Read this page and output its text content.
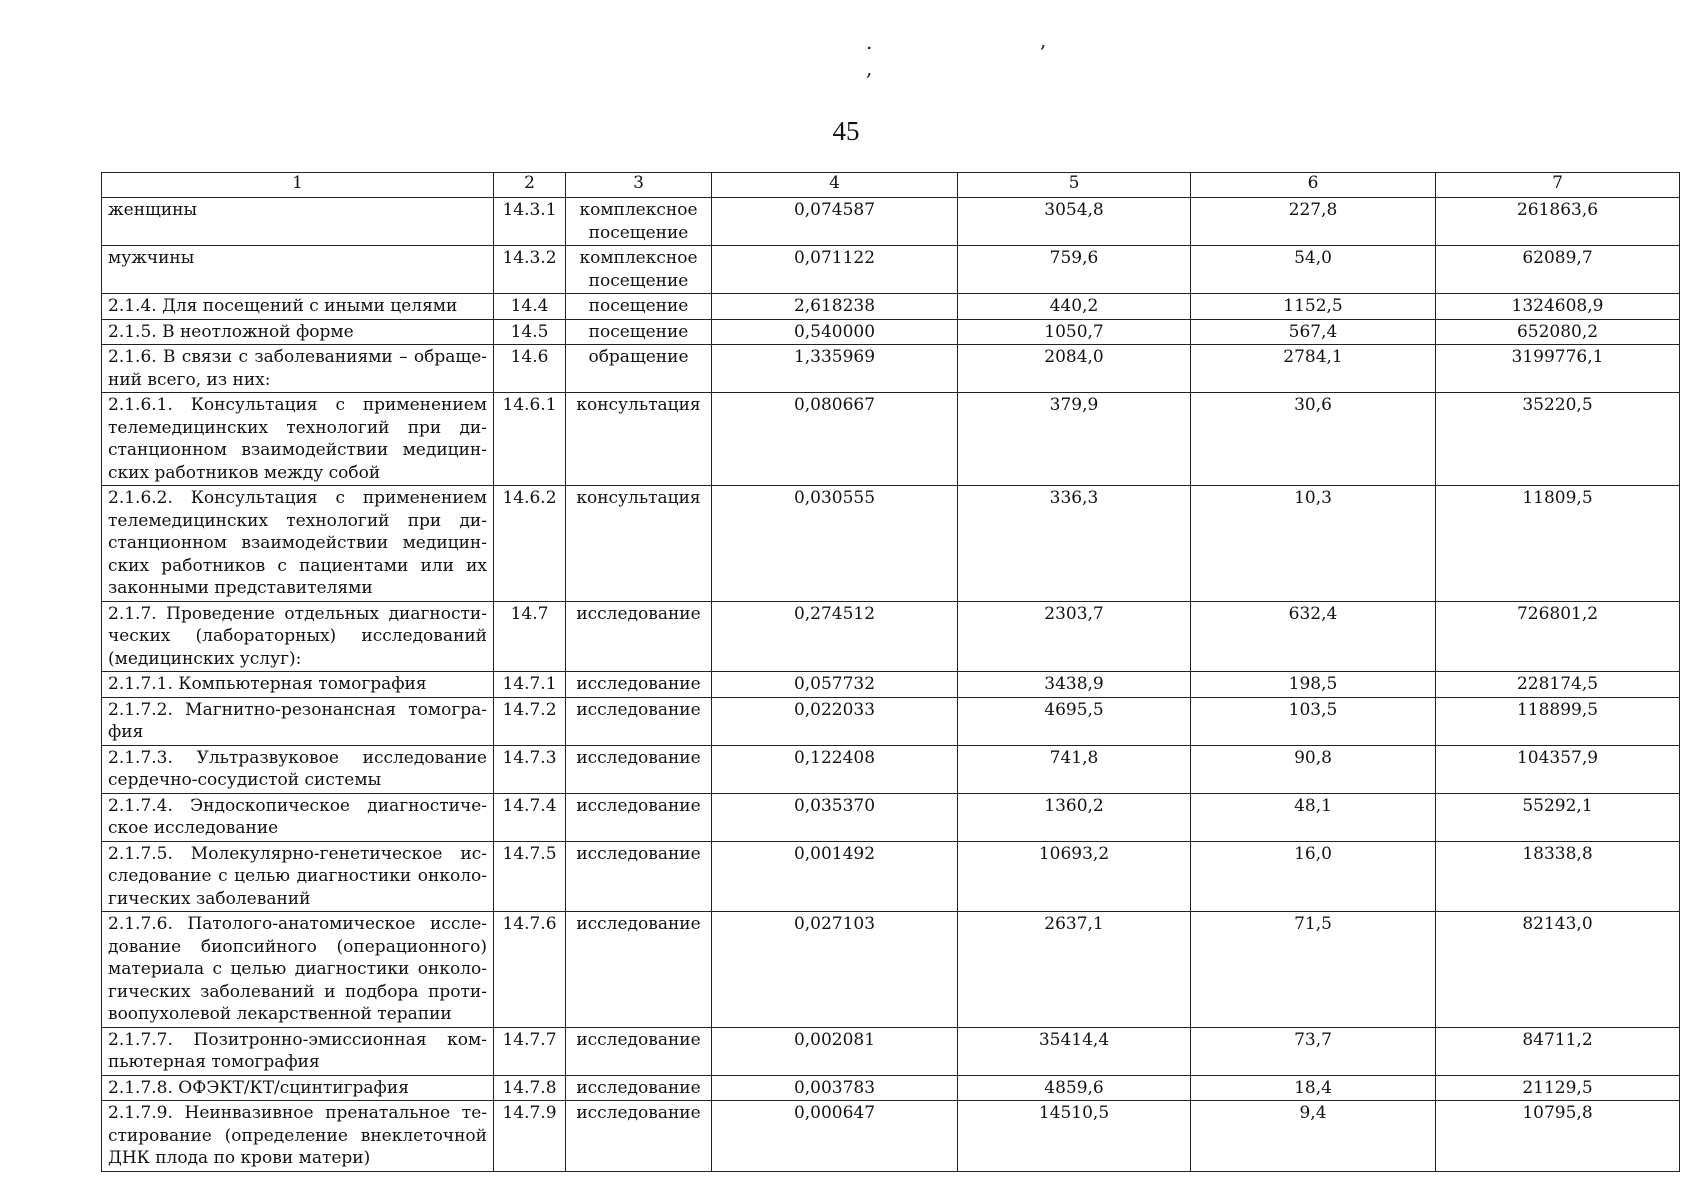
.	,
,
45
1	2	3	4	5	6	7
женщины	14.3.1	комплексное посещение	0,074587	3054,8	227,8	261863,6
мужчины	14.3.2	комплексное посещение	0,071122	759,6	54,0	62089,7
2.1.4. Для посещений с иными целями	14.4	посещение	2,618238	440,2	1152,5	1324608,9
2.1.5. В неотложной форме	14.5	посещение	0,540000	1050,7	567,4	652080,2
2.1.6. В связи с заболеваниями – обраще-ний всего, из них:	14.6	обращение	1,335969	2084,0	2784,1	3199776,1
2.1.6.1. Консультация с применением телемедицинских технологий при ди-станционном взаимодействии медицин-ских работников между собой	14.6.1	консультация	0,080667	379,9	30,6	35220,5
2.1.6.2. Консультация с применением телемедицинских технологий при ди-станционном взаимодействии медицин-ских работников с пациентами или их законными представителями	14.6.2	консультация	0,030555	336,3	10,3	11809,5
2.1.7. Проведение отдельных диагности-ческих (лабораторных) исследований (медицинских услуг):	14.7	исследование	0,274512	2303,7	632,4	726801,2
2.1.7.1. Компьютерная томография	14.7.1	исследование	0,057732	3438,9	198,5	228174,5
2.1.7.2. Магнитно-резонансная томогра-фия	14.7.2	исследование	0,022033	4695,5	103,5	118899,5
2.1.7.3. Ультразвуковое исследование сердечно-сосудистой системы	14.7.3	исследование	0,122408	741,8	90,8	104357,9
2.1.7.4. Эндоскопическое диагностиче-ское исследование	14.7.4	исследование	0,035370	1360,2	48,1	55292,1
2.1.7.5. Молекулярно-генетическое ис-следование с целью диагностики онколо-гических заболеваний	14.7.5	исследование	0,001492	10693,2	16,0	18338,8
2.1.7.6. Патолого-анатомическое иссле-дование биопсийного (операционного) материала с целью диагностики онколо-гических заболеваний и подбора проти-воопухолевой лекарственной терапии	14.7.6	исследование	0,027103	2637,1	71,5	82143,0
2.1.7.7. Позитронно-эмиссионная ком-пьютерная томография	14.7.7	исследование	0,002081	35414,4	73,7	84711,2
2.1.7.8. ОФЭКТ/КТ/сцинтиграфия	14.7.8	исследование	0,003783	4859,6	18,4	21129,5
2.1.7.9. Неинвазивное пренатальное те-стирование (определение внеклеточной ДНК плода по крови матери)	14.7.9	исследование	0,000647	14510,5	9,4	10795,8
